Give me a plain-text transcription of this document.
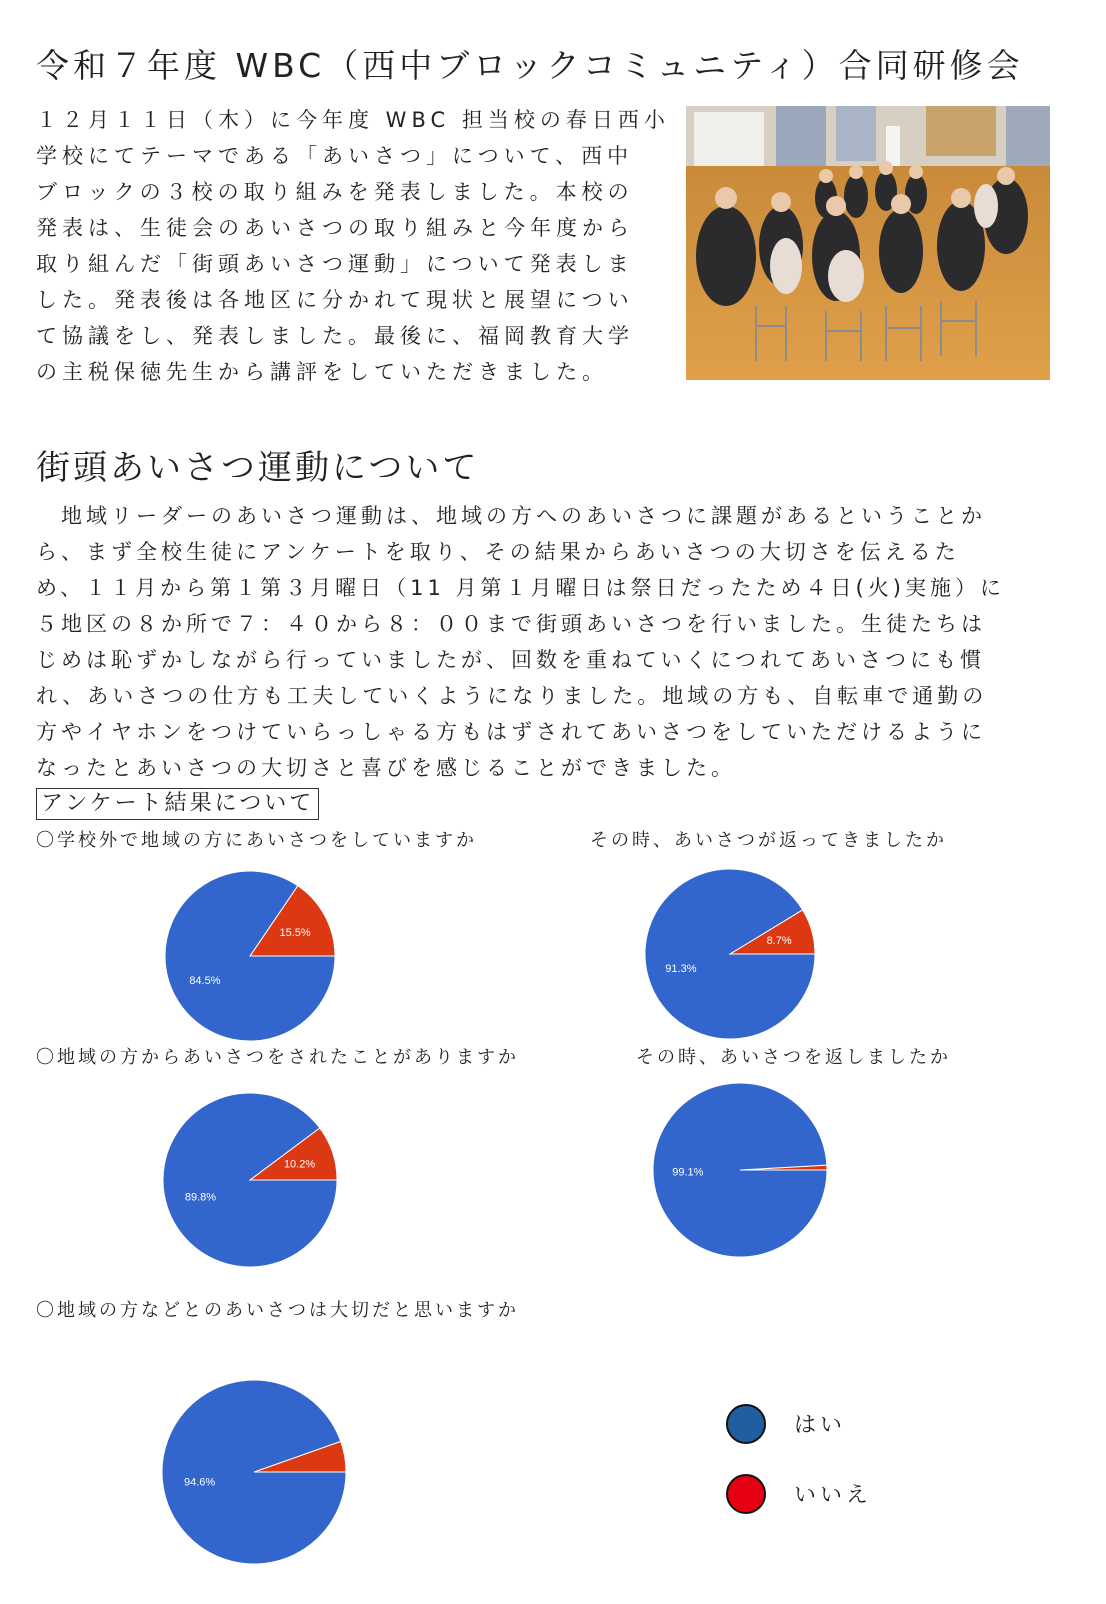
令和７年度 WBC（西中ブロックコミュニティ）合同研修会

１２月１１日（木）に今年度 WBC 担当校の春日西小

学校にてテーマである「あいさつ」について、西中

ブロックの３校の取り組みを発表しました。本校の

発表は、生徒会のあいさつの取り組みと今年度から

取り組んだ「街頭あいさつ運動」について発表しま

した。発表後は各地区に分かれて現状と展望につい

て協議をし、発表しました。最後に、福岡教育大学

の主税保徳先生から講評をしていただきました。

街頭あいさつ運動について

　地域リーダーのあいさつ運動は、地域の方へのあいさつに課題があるということか

ら、まず全校生徒にアンケートを取り、その結果からあいさつの大切さを伝えるた

め、１１月から第１第３月曜日（11 月第１月曜日は祭日だったため４日(火)実施）に

５地区の８か所で７：４０から８：００まで街頭あいさつを行いました。生徒たちは

じめは恥ずかしながら行っていましたが、回数を重ねていくにつれてあいさつにも慣

れ、あいさつの仕方も工夫していくようになりました。地域の方も、自転車で通勤の

方やイヤホンをつけていらっしゃる方もはずされてあいさつをしていただけるように

なったとあいさつの大切さと喜びを感じることができました。

アンケート結果について
〇学校外で地域の方にあいさつをしていますか	その時、あいさつが返ってきましたか
〇地域の方からあいさつをされたことがありますか	その時、あいさつを返しましたか
〇地域の方などとのあいさつは大切だと思いますか
15.5%
84.5%
8.7%
91.3%
10.2%
89.8%
99.1%
94.6%
はい
いいえ
